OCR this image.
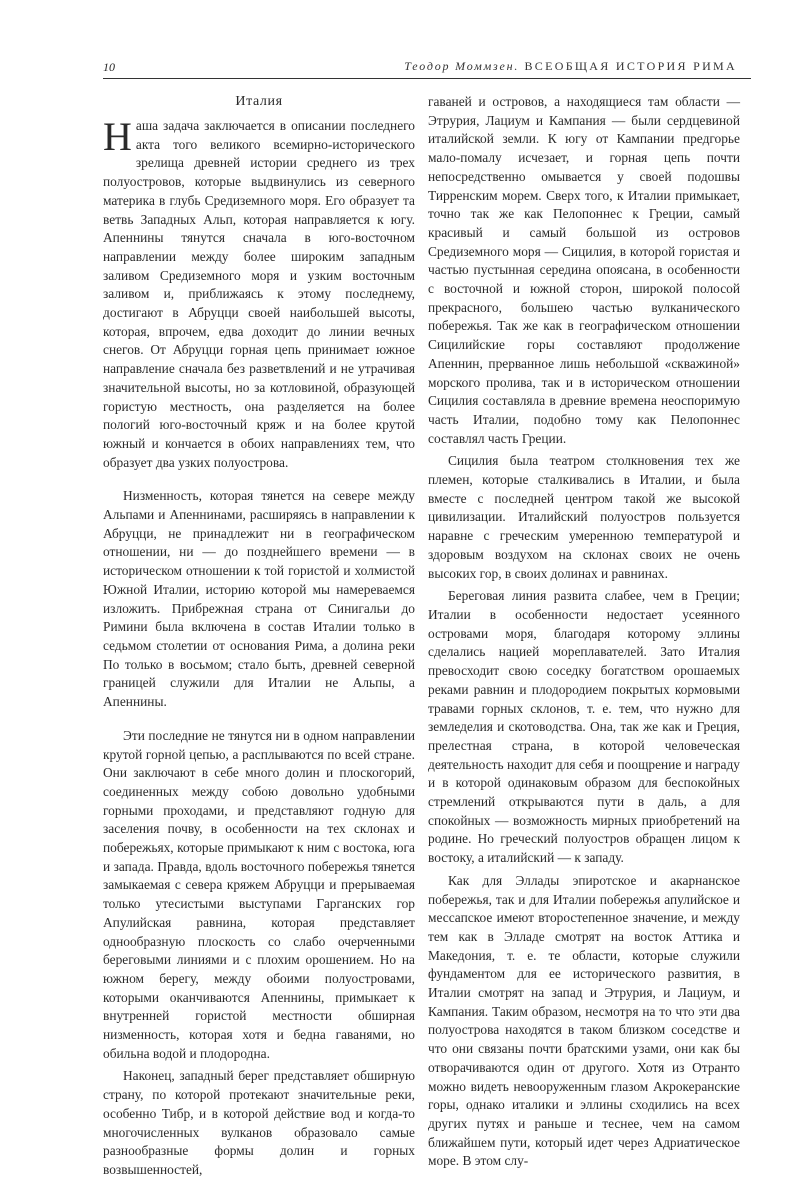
10	Теодор Моммзен. ВСЕОБЩАЯ ИСТОРИЯ РИМА
Италия

Наша задача заключается в описании последнего акта того великого всемирно-исторического зрелища древней истории среднего из трех полуостровов, которые выдвинулись из северного материка в глубь Средиземного моря. Его образует та ветвь Западных Альп, которая направляется к югу. Апеннины тянутся сначала в юго-восточном направлении между более широким западным заливом Средиземного моря и узким восточным заливом и, приближаясь к этому последнему, достигают в Абруцци своей наибольшей высоты, которая, впрочем, едва доходит до линии вечных снегов. От Абруцци горная цепь принимает южное направление сначала без разветвлений и не утрачивая значительной высоты, но за котловиной, образующей гористую местность, она разделяется на более пологий юго-восточный кряж и на более крутой южный и кончается в обоих направлениях тем, что образует два узких полуострова.

Низменность, которая тянется на севере между Альпами и Апеннинами, расширяясь в направлении к Абруцци, не принадлежит ни в географическом отношении, ни — до позднейшего времени — в историческом отношении к той гористой и холмистой Южной Италии, историю которой мы намереваемся изложить. Прибрежная страна от Синигальи до Римини была включена в состав Италии только в седьмом столетии от основания Рима, а долина реки По только в восьмом; стало быть, древней северной границей служили для Италии не Альпы, а Апеннины.

Эти последние не тянутся ни в одном направлении крутой горной цепью, а расплываются по всей стране. Они заключают в себе много долин и плоскогорий, соединенных между собою довольно удобными горными проходами, и представляют годную для заселения почву, в особенности на тех склонах и побережьях, которые примыкают к ним с востока, юга и запада. Правда, вдоль восточного побережья тянется замыкаемая с севера кряжем Абруцци и прерываемая только утесистыми выступами Гарганских гор Апулийская равнина, которая представляет однообразную плоскость со слабо очерченными береговыми линиями и с плохим орошением. Но на южном берегу, между обоими полуостровами, которыми оканчиваются Апеннины, примыкает к внутренней гористой местности обширная низменность, которая хотя и бедна гаванями, но обильна водой и плодородна.

Наконец, западный берег представляет обширную страну, по которой протекают значительные реки, особенно Тибр, и в которой действие вод и когда-то многочисленных вулканов образовало самые разнообразные формы долин и горных возвышенностей,

гаваней и островов, а находящиеся там области — Этрурия, Лациум и Кампания — были сердцевиной италийской земли. К югу от Кампании предгорье мало-помалу исчезает, и горная цепь почти непосредственно омывается у своей подошвы Тирренским морем. Сверх того, к Италии примыкает, точно так же как Пелопоннес к Греции, самый красивый и самый большой из островов Средиземного моря — Сицилия, в которой гористая и частью пустынная середина опоясана, в особенности с восточной и южной сторон, широкой полосой прекрасного, большею частью вулканического побережья. Так же как в географическом отношении Сицилийские горы составляют продолжение Апеннин, прерванное лишь небольшой «скважиной» морского пролива, так и в историческом отношении Сицилия составляла в древние времена неоспоримую часть Италии, подобно тому как Пелопоннес составлял часть Греции.

Сицилия была театром столкновения тех же племен, которые сталкивались в Италии, и была вместе с последней центром такой же высокой цивилизации. Италийский полуостров пользуется наравне с греческим умеренною температурой и здоровым воздухом на склонах своих не очень высоких гор, в своих долинах и равнинах.

Береговая линия развита слабее, чем в Греции; Италии в особенности недостает усеянного островами моря, благодаря которому эллины сделались нацией мореплавателей. Зато Италия превосходит свою соседку богатством орошаемых реками равнин и плодородием покрытых кормовыми травами горных склонов, т. е. тем, что нужно для земледелия и скотоводства. Она, так же как и Греция, прелестная страна, в которой человеческая деятельность находит для себя и поощрение и награду и в которой одинаковым образом для беспокойных стремлений открываются пути в даль, а для спокойных — возможность мирных приобретений на родине. Но греческий полуостров обращен лицом к востоку, а италийский — к западу.

Как для Эллады эпиротское и акарнанское побережья, так и для Италии побережья апулийское и мессапское имеют второстепенное значение, и между тем как в Элладе смотрят на восток Аттика и Македония, т. е. те области, которые служили фундаментом для ее исторического развития, в Италии смотрят на запад и Этрурия, и Лациум, и Кампания. Таким образом, несмотря на то что эти два полуострова находятся в таком близком соседстве и что они связаны почти братскими узами, они как бы отворачиваются один от другого. Хотя из Отранто можно видеть невооруженным глазом Акрокеранские горы, однако италики и эллины сходились на всех других путях и раньше и теснее, чем на самом ближайшем пути, который идет через Адриатическое море. В этом слу-
